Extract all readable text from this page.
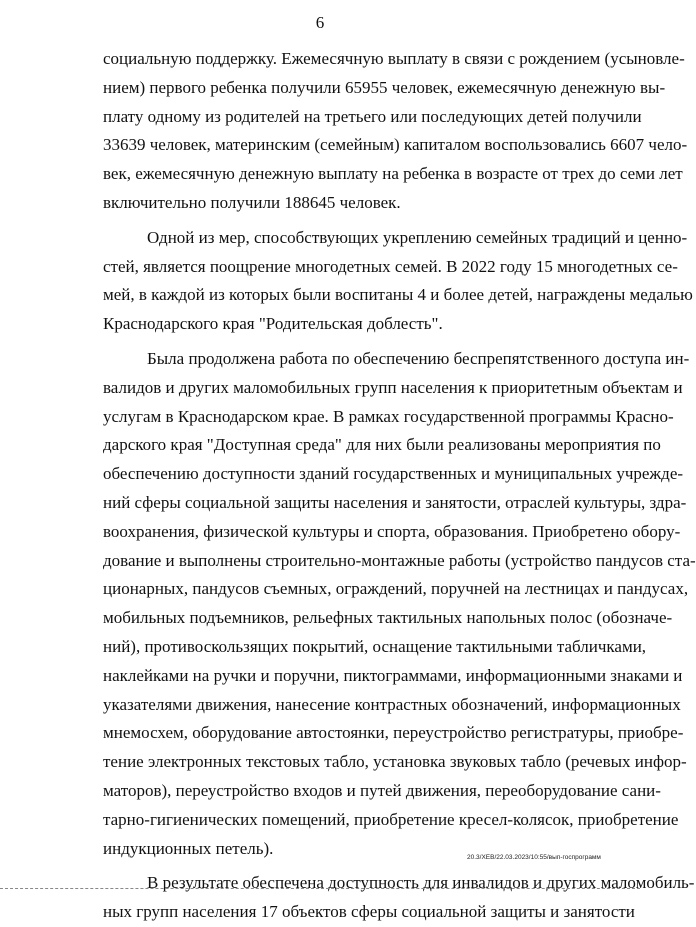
6
социальную поддержку. Ежемесячную выплату в связи с рождением (усыновле-
нием) первого ребенка получили 65955 человек, ежемесячную денежную вы-
плату одному из родителей на третьего или последующих детей получили
33639 человек, материнским (семейным) капиталом воспользовались 6607 чело-
век, ежемесячную денежную выплату на ребенка в возрасте от трех до семи лет
включительно получили 188645 человек.
Одной из мер, способствующих укреплению семейных традиций и ценно-
стей, является поощрение многодетных семей. В 2022 году 15 многодетных се-
мей, в каждой из которых были воспитаны 4 и более детей, награждены медалью
Краснодарского края "Родительская доблесть".
Была продолжена работа по обеспечению беспрепятственного доступа ин-
валидов и других маломобильных групп населения к приоритетным объектам и
услугам в Краснодарском крае. В рамках государственной программы Красно-
дарского края "Доступная среда" для них были реализованы мероприятия по
обеспечению доступности зданий государственных и муниципальных учрежде-
ний сферы социальной защиты населения и занятости, отраслей культуры, здра-
воохранения, физической культуры и спорта, образования. Приобретено обору-
дование и выполнены строительно-монтажные работы (устройство пандусов ста-
ционарных, пандусов съемных, ограждений, поручней на лестницах и пандусах,
мобильных подъемников, рельефных тактильных напольных полос (обозначе-
ний), противоскользящих покрытий, оснащение тактильными табличками,
наклейками на ручки и поручни, пиктограммами, информационными знаками и
указателями движения, нанесение контрастных обозначений, информационных
мнемосхем, оборудование автостоянки, переустройство регистратуры, приобре-
тение электронных текстовых табло, установка звуковых табло (речевых инфор-
маторов), переустройство входов и путей движения, переоборудование сани-
тарно-гигиенических помещений, приобретение кресел-колясок, приобретение
индукционных петель).
В результате обеспечена доступность для инвалидов и других маломобиль-
ных групп населения 17 объектов сферы социальной защиты и занятости
20.3/ХЕВ/22.03.2023/10:55/вып-госпрограмм
